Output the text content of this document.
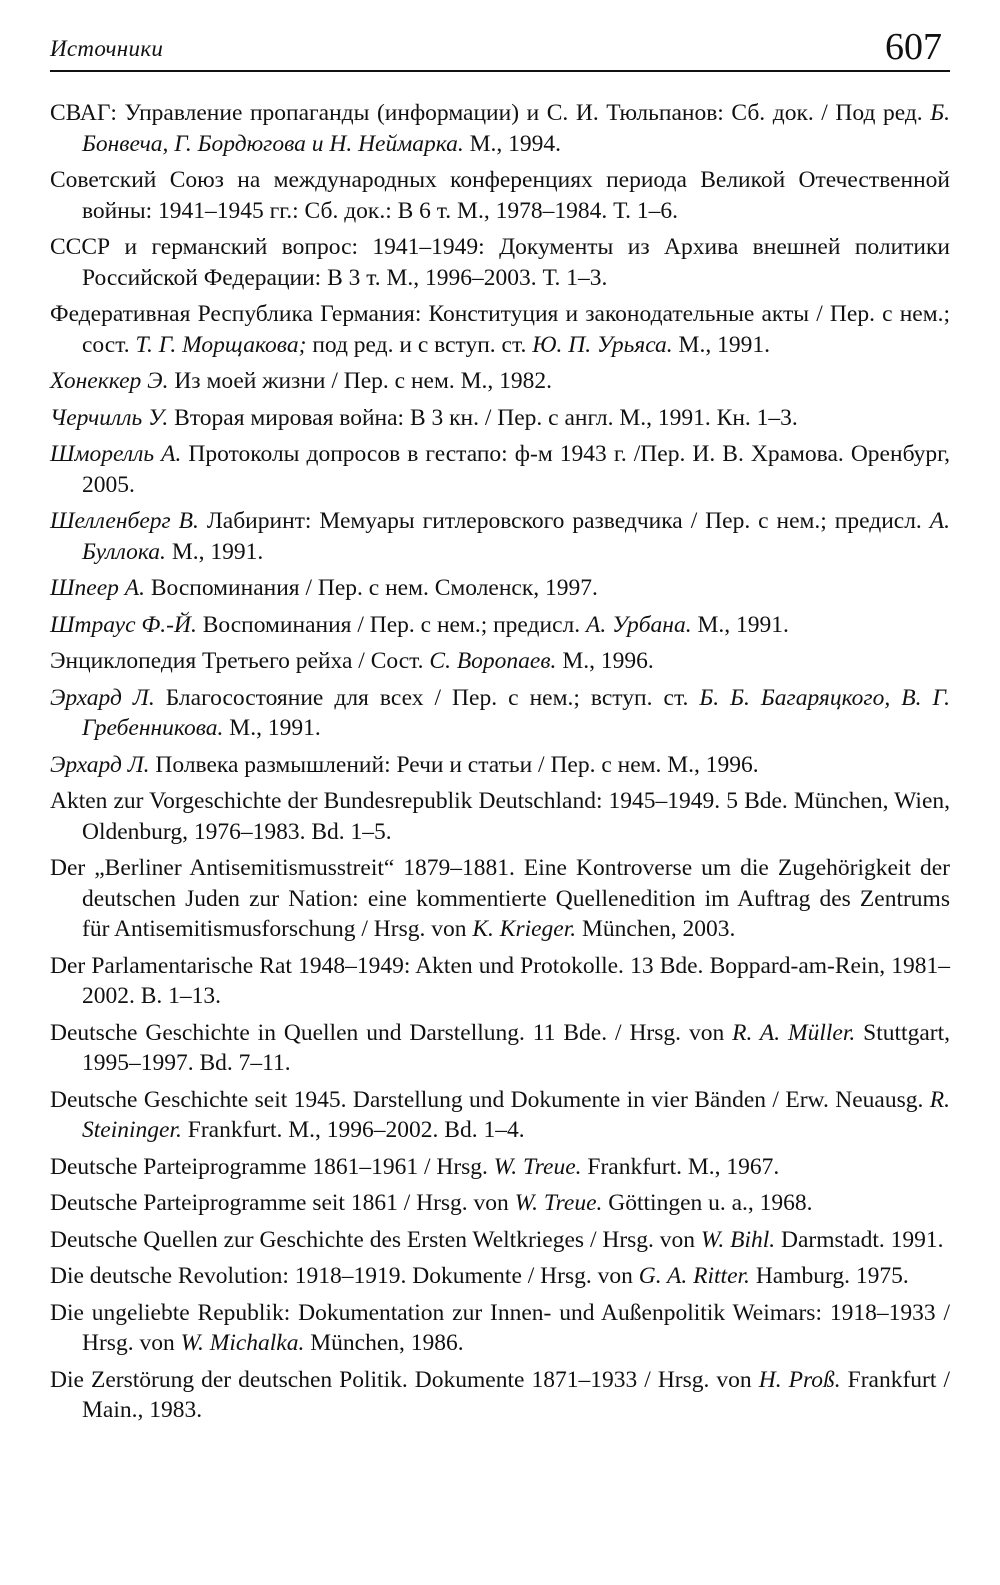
Источники	607
СВАГ: Управление пропаганды (информации) и С. И. Тюльпанов: Сб. док. / Под ред. Б. Бонвеча, Г. Бордюгова и Н. Неймарка. М., 1994.
Советский Союз на международных конференциях периода Великой Отечественной войны: 1941–1945 гг.: Сб. док.: В 6 т. М., 1978–1984. Т. 1–6.
СССР и германский вопрос: 1941–1949: Документы из Архива внешней политики Российской Федерации: В 3 т. М., 1996–2003. Т. 1–3.
Федеративная Республика Германия: Конституция и законодательные акты / Пер. с нем.; сост. Т. Г. Морщакова; под ред. и с вступ. ст. Ю. П. Урьяса. М., 1991.
Хонеккер Э. Из моей жизни / Пер. с нем. М., 1982.
Черчилль У. Вторая мировая война: В 3 кн. / Пер. с англ. М., 1991. Кн. 1–3.
Шморелль А. Протоколы допросов в гестапо: ф-м 1943 г. /Пер. И. В. Храмова. Оренбург, 2005.
Шелленберг В. Лабиринт: Мемуары гитлеровского разведчика / Пер. с нем.; предисл. А. Буллока. М., 1991.
Шпеер А. Воспоминания / Пер. с нем. Смоленск, 1997.
Штраус Ф.-Й. Воспоминания / Пер. с нем.; предисл. А. Урбана. М., 1991.
Энциклопедия Третьего рейха / Сост. С. Воропаев. М., 1996.
Эрхард Л. Благосостояние для всех / Пер. с нем.; вступ. ст. Б. Б. Багаряцкого, В. Г. Гребенникова. М., 1991.
Эрхард Л. Полвека размышлений: Речи и статьи / Пер. с нем. М., 1996.
Akten zur Vorgeschichte der Bundesrepublik Deutschland: 1945–1949. 5 Bde. München, Wien, Oldenburg, 1976–1983. Bd. 1–5.
Der „Berliner Antisemitismusstreit“ 1879–1881. Eine Kontroverse um die Zugehörigkeit der deutschen Juden zur Nation: eine kommentierte Quellenedition im Auftrag des Zentrums für Antisemitismusforschung / Hrsg. von K. Krieger. München, 2003.
Der Parlamentarische Rat 1948–1949: Akten und Protokolle. 13 Bde. Boppard-am-Rein, 1981–2002. B. 1–13.
Deutsche Geschichte in Quellen und Darstellung. 11 Bde. / Hrsg. von R. A. Müller. Stuttgart, 1995–1997. Bd. 7–11.
Deutsche Geschichte seit 1945. Darstellung und Dokumente in vier Bänden / Erw. Neuausg. R. Steininger. Frankfurt. M., 1996–2002. Bd. 1–4.
Deutsche Parteiprogramme 1861–1961 / Hrsg. W. Treue. Frankfurt. M., 1967.
Deutsche Parteiprogramme seit 1861 / Hrsg. von W. Treue. Göttingen u. a., 1968.
Deutsche Quellen zur Geschichte des Ersten Weltkrieges / Hrsg. von W. Bihl. Darmstadt. 1991.
Die deutsche Revolution: 1918–1919. Dokumente / Hrsg. von G. A. Ritter. Hamburg. 1975.
Die ungeliebte Republik: Dokumentation zur Innen- und Außenpolitik Weimars: 1918–1933 / Hrsg. von W. Michalka. München, 1986.
Die Zerstörung der deutschen Politik. Dokumente 1871–1933 / Hrsg. von H. Proß. Frankfurt / Main., 1983.
